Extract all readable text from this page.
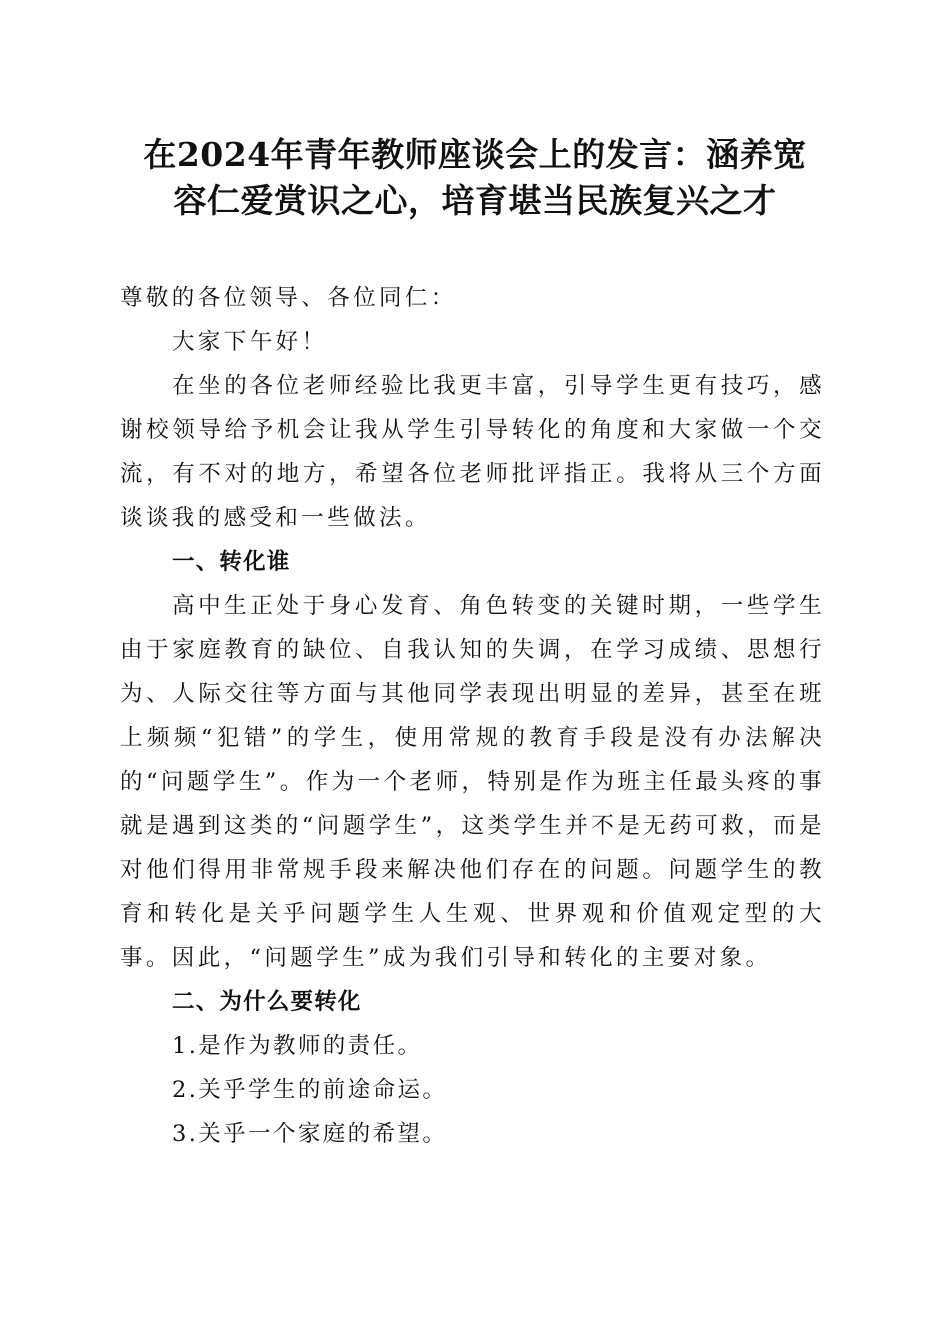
在2024年青年教师座谈会上的发言：涵养宽
容仁爱赏识之心，培育堪当民族复兴之才

尊敬的各位领导、各位同仁：

大家下午好！

在坐的各位老师经验比我更丰富，引导学生更有技巧，感谢校领导给予机会让我从学生引导转化的角度和大家做一个交流，有不对的地方，希望各位老师批评指正。我将从三个方面谈谈我的感受和一些做法。

一、转化谁

高中生正处于身心发育、角色转变的关键时期，一些学生由于家庭教育的缺位、自我认知的失调，在学习成绩、思想行为、人际交往等方面与其他同学表现出明显的差异，甚至在班上频频“犯错”的学生，使用常规的教育手段是没有办法解决的“问题学生”。作为一个老师，特别是作为班主任最头疼的事就是遇到这类的“问题学生”，这类学生并不是无药可救，而是对他们得用非常规手段来解决他们存在的问题。问题学生的教育和转化是关乎问题学生人生观、世界观和价值观定型的大事。因此，“问题学生”成为我们引导和转化的主要对象。

二、为什么要转化

1.是作为教师的责任。

2.关乎学生的前途命运。

3.关乎一个家庭的希望。
